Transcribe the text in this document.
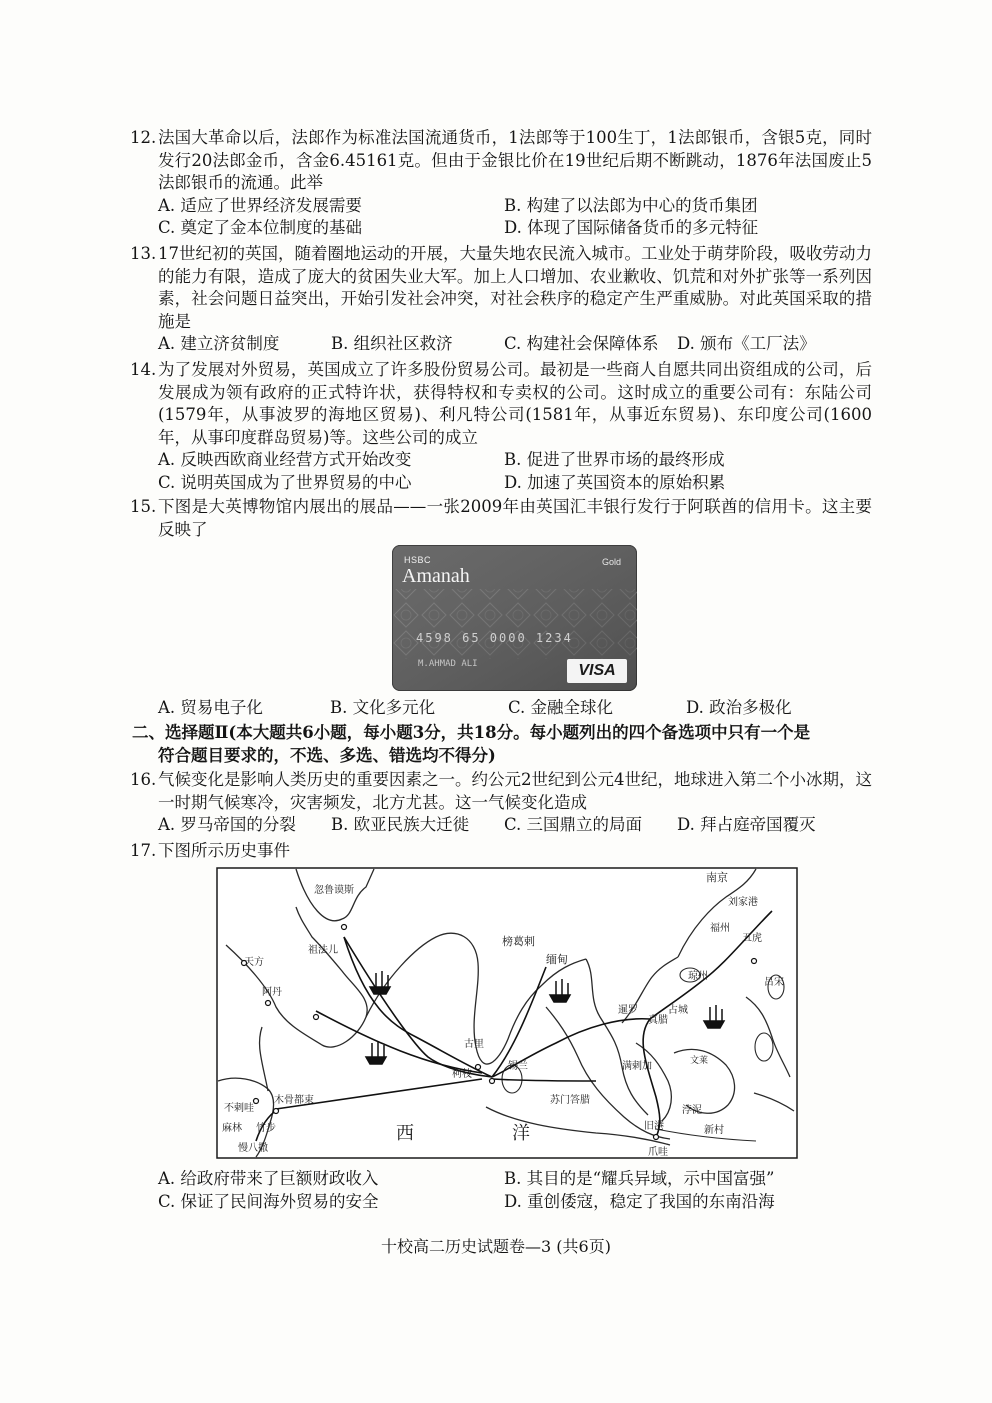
12. 法国大革命以后，法郎作为标准法国流通货币，1法郎等于100生丁，1法郎银币，含银5克，同时发行20法郎金币，含金6.45161克。但由于金银比价在19世纪后期不断跳动，1876年法国废止5法郎银币的流通。此举
A. 适应了世界经济发展需要	B. 构建了以法郎为中心的货币集团
C. 奠定了金本位制度的基础	D. 体现了国际储备货币的多元特征
13. 17世纪初的英国，随着圈地运动的开展，大量失地农民流入城市。工业处于萌芽阶段，吸收劳动力的能力有限，造成了庞大的贫困失业大军。加上人口增加、农业歉收、饥荒和对外扩张等一系列因素，社会问题日益突出，开始引发社会冲突，对社会秩序的稳定产生严重威胁。对此英国采取的措施是
A. 建立济贫制度	B. 组织社区救济	C. 构建社会保障体系	D. 颁布《工厂法》
14. 为了发展对外贸易，英国成立了许多股份贸易公司。最初是一些商人自愿共同出资组成的公司，后发展成为领有政府的正式特许状，获得特权和专卖权的公司。这时成立的重要公司有：东陆公司(1579年，从事波罗的海地区贸易)、利凡特公司(1581年，从事近东贸易)、东印度公司(1600年，从事印度群岛贸易)等。这些公司的成立
A. 反映西欧商业经营方式开始改变	B. 促进了世界市场的最终形成
C. 说明英国成为了世界贸易的中心	D. 加速了英国资本的原始积累
15. 下图是大英博物馆内展出的展品——一张2009年由英国汇丰银行发行于阿联酋的信用卡。这主要反映了
HSBC
Amanah
Gold
4598 65 0000 1234
M.AHMAD ALI	VISA
A. 贸易电子化	B. 文化多元化	C. 金融全球化	D. 政治多极化
二、选择题Ⅱ(本大题共6小题，每小题3分，共18分。每小题列出的四个备选项中只有一个是
符合题目要求的，不选、多选、错选均不得分)
16. 气候变化是影响人类历史的重要因素之一。约公元2世纪到公元4世纪，地球进入第二个小冰期，这一时期气候寒冷，灾害频发，北方尤甚。这一气候变化造成
A. 罗马帝国的分裂	B. 欧亚民族大迁徙	C. 三国鼎立的局面	D. 拜占庭帝国覆灭
17. 下图所示历史事件
南京
刘家港
福州
五虎
忽鲁谟斯
榜葛剌
缅甸
天方
祖法儿
琼州
吕宋
阿丹
暹罗
真腊
占城
古里
柯枝
锡兰
木骨都束
不剌哇
满剌加
苏门答腊
麻林 竹步
文莱
浡泥
慢八撒
旧港	新村
爪哇
西	洋
A. 给政府带来了巨额财政收入	B. 其目的是“耀兵异域，示中国富强”
C. 保证了民间海外贸易的安全	D. 重创倭寇，稳定了我国的东南沿海
十校高二历史试题卷—3 (共6页)
